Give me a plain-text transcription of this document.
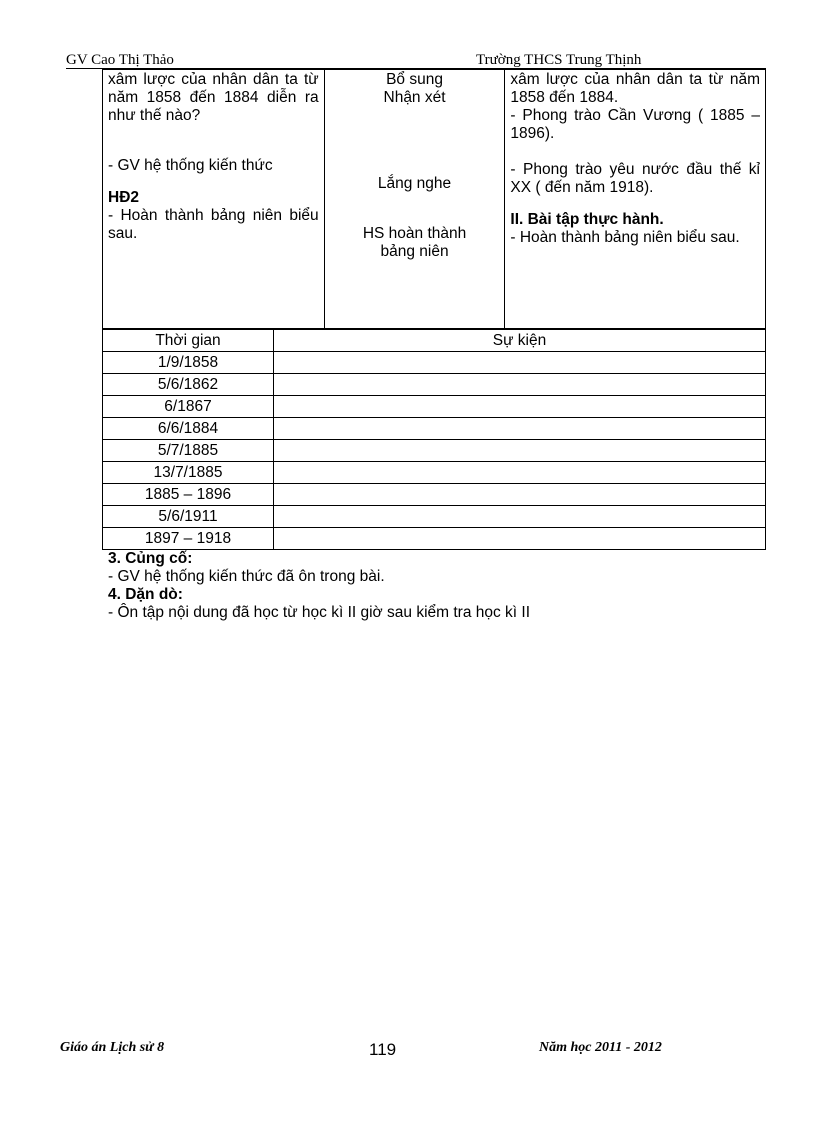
GV Cao Thị Thảo	Trường THCS Trung Thịnh
xâm lược của nhân dân ta từ năm 1858 đến 1884 diễn ra như thế nào?
- GV hệ thống kiến thức
HĐ2
- Hoàn thành bảng niên biểu sau.

Bổ sung
Nhận xét
Lắng nghe
HS hoàn thành
bảng niên

xâm lược của nhân dân ta từ năm 1858 đến 1884.
- Phong trào Cần Vương ( 1885 – 1896).
- Phong trào yêu nước đầu thế kỉ XX ( đến năm 1918).
II. Bài tập thực hành.
- Hoàn thành bảng niên biểu sau.
Thời gian	Sự kiện
1/9/1858	
5/6/1862	
6/1867	
6/6/1884	
5/7/1885	
13/7/1885	
1885 – 1896	
5/6/1911	
1897 – 1918	
3. Củng cố:
- GV hệ thống kiến thức đã ôn trong bài.
4. Dặn dò:
- Ôn tập nội dung đã học từ học kì II giờ sau kiểm tra học kì II
Giáo án Lịch sử 8	119	Năm học 2011 - 2012
